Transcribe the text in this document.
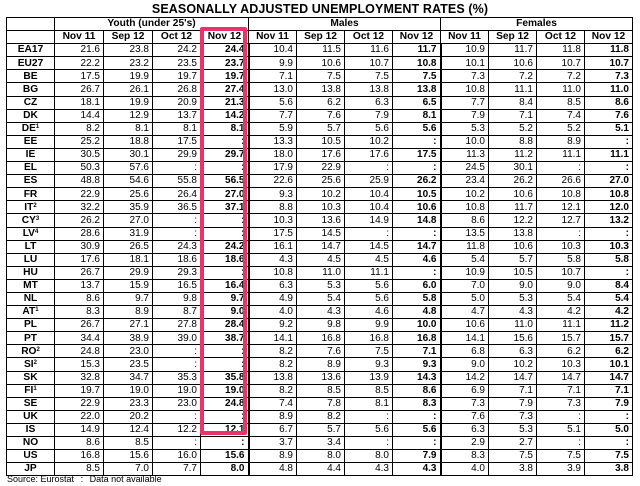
SEASONALLY ADJUSTED UNEMPLOYMENT RATES (%)
	Youth (under 25's)				Males				Females			
	Nov 11	Sep 12	Oct 12	Nov 12	Nov 11	Sep 12	Oct 12	Nov 12	Nov 11	Sep 12	Oct 12	Nov 12
EA17	21.6	23.8	24.2	24.4	10.4	11.5	11.6	11.7	10.9	11.7	11.8	11.8
EU27	22.2	23.2	23.5	23.7	9.9	10.6	10.7	10.8	10.1	10.6	10.7	10.7
BE	17.5	19.9	19.7	19.7	7.1	7.5	7.5	7.5	7.3	7.2	7.2	7.3
BG	26.7	26.1	26.8	27.4	13.0	13.8	13.8	13.8	10.8	11.1	11.0	11.0
CZ	18.1	19.9	20.9	21.3	5.6	6.2	6.3	6.5	7.7	8.4	8.5	8.6
DK	14.4	12.9	13.7	14.2	7.7	7.6	7.9	8.1	7.9	7.1	7.4	7.6
$DE^1$	8.2	8.1	8.1	8.1	5.9	5.7	5.6	5.6	5.3	5.2	5.2	5.1
EE	25.2	18.8	17.5	:	13.3	10.5	10.2	:	10.0	8.8	8.9	:
IE	30.5	30.1	29.9	29.7	18.0	17.6	17.6	17.5	11.3	11.2	11.1	11.1
EL	50.3	57.6	:	:	17.9	22.9	:	:	24.5	30.1	:	:
ES	48.8	54.6	55.8	56.5	22.6	25.6	25.9	26.2	23.4	26.2	26.6	27.0
FR	22.9	25.6	26.4	27.0	9.3	10.2	10.4	10.5	10.2	10.6	10.8	10.8
$IT^2$	32.2	35.9	36.5	37.1	8.8	10.3	10.4	10.6	10.8	11.7	12.1	12.0
$CY^3$	26.2	27.0	:	:	10.3	13.6	14.9	14.8	8.6	12.2	12.7	13.2
$LV^4$	28.6	31.9	:	:	17.5	14.5	:	:	13.5	13.8	:	:
LT	30.9	26.5	24.3	24.2	16.1	14.7	14.5	14.7	11.8	10.6	10.3	10.3
LU	17.6	18.1	18.6	18.6	4.3	4.5	4.5	4.6	5.4	5.7	5.8	5.8
HU	26.7	29.9	29.3	:	10.8	11.0	11.1	:	10.9	10.5	10.7	:
MT	13.7	15.9	16.5	16.4	6.3	5.3	5.6	6.0	7.0	9.0	9.0	8.4
NL	8.6	9.7	9.8	9.7	4.9	5.4	5.6	5.8	5.0	5.3	5.4	5.4
$AT^1$	8.3	8.9	8.7	9.0	4.0	4.3	4.6	4.8	4.7	4.3	4.2	4.2
PL	26.7	27.1	27.8	28.4	9.2	9.8	9.9	10.0	10.6	11.0	11.1	11.2
PT	34.4	38.9	39.0	38.7	14.1	16.8	16.8	16.8	14.1	15.6	15.7	15.7
$RO^2$	24.8	23.0	:	:	8.2	7.6	7.5	7.1	6.8	6.3	6.2	6.2
$SI^2$	15.3	23.5	:	:	8.2	8.9	9.3	9.3	9.0	10.2	10.3	10.1
SK	32.8	34.7	35.3	35.8	13.8	13.6	13.9	14.3	14.2	14.7	14.7	14.7
$FI^1$	19.7	19.0	19.0	19.0	8.2	8.5	8.5	8.6	6.9	7.1	7.1	7.1
SE	22.9	23.3	23.0	24.8	7.4	7.8	8.1	8.3	7.3	7.9	7.3	7.9
UK	22.0	20.2	:	:	8.9	8.2	:	:	7.6	7.3	:	:
IS	14.9	12.4	12.2	12.1	6.7	5.7	5.6	5.6	6.3	5.3	5.1	5.0
NO	8.6	8.5	:	:	3.7	3.4	:	:	2.9	2.7	:	:
US	16.8	15.6	16.0	15.6	8.9	8.0	8.0	7.9	8.3	7.5	7.5	7.5
JP	8.5	7.0	7.7	8.0	4.8	4.4	4.3	4.3	4.0	3.8	3.9	3.8
Source: Eurostat : Data not available
